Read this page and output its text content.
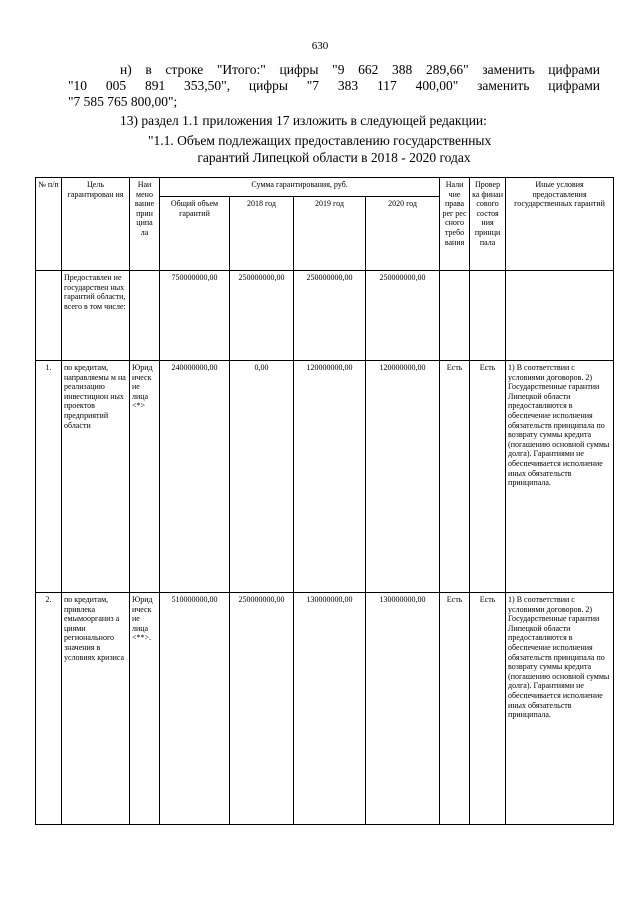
630
н) в строке "Итого:" цифры "9 662 388 289,66" заменить цифрами
"10 005 891 353,50", цифры "7 383 117 400,00" заменить цифрами
"7 585 765 800,00";
13) раздел 1.1 приложения 17 изложить в следующей редакции:
"1.1. Объем подлежащих предоставлению государственных
гарантий Липецкой области в 2018 - 2020 годах
№ п/п	Цель гарантирован ия	Наи мено вание прин ципа ла	Сумма гарантирования, руб.				Нали чие права рег рес сного требо вания	Провер ка финан сового состоя ния принци пала	Иные условия предоставления государственных гарантий
			Общий объем гарантий	2018 год	2019 год	2020 год			
	Предоставлен ие государствен ных гарантий области, всего в том числе:		750000000,00	250000000,00	250000000,00	250000000,00			
1.	по кредитам, направляемы м на реализацию инвестицион ных проектов предприятий области	Юрид ическ ие лица <*>	240000000,00	0,00	120000000,00	120000000,00	Есть	Есть	1) В соответствии с условиями договоров. 2) Государственные гарантии Липецкой области предоставляются в обеспечение исполнения обязательств принципала по возврату суммы кредита (погашению основной суммы долга). Гарантиями не обеспечивается исполнение иных обязательств принципала.
2.	по кредитам, привлека емымоорганиз а циями регионального значения в условиях кризиса	Юрид ическ ие лица <**>.	510000000,00	250000000,00	130000000,00	130000000,00	Есть	Есть	1) В соответствии с условиями договоров. 2) Государственные гарантии Липецкой области предоставляются в обеспечение исполнения обязательств принципала по возврату суммы кредита (погашению основной суммы долга). Гарантиями не обеспечивается исполнение иных обязательств принципала.
